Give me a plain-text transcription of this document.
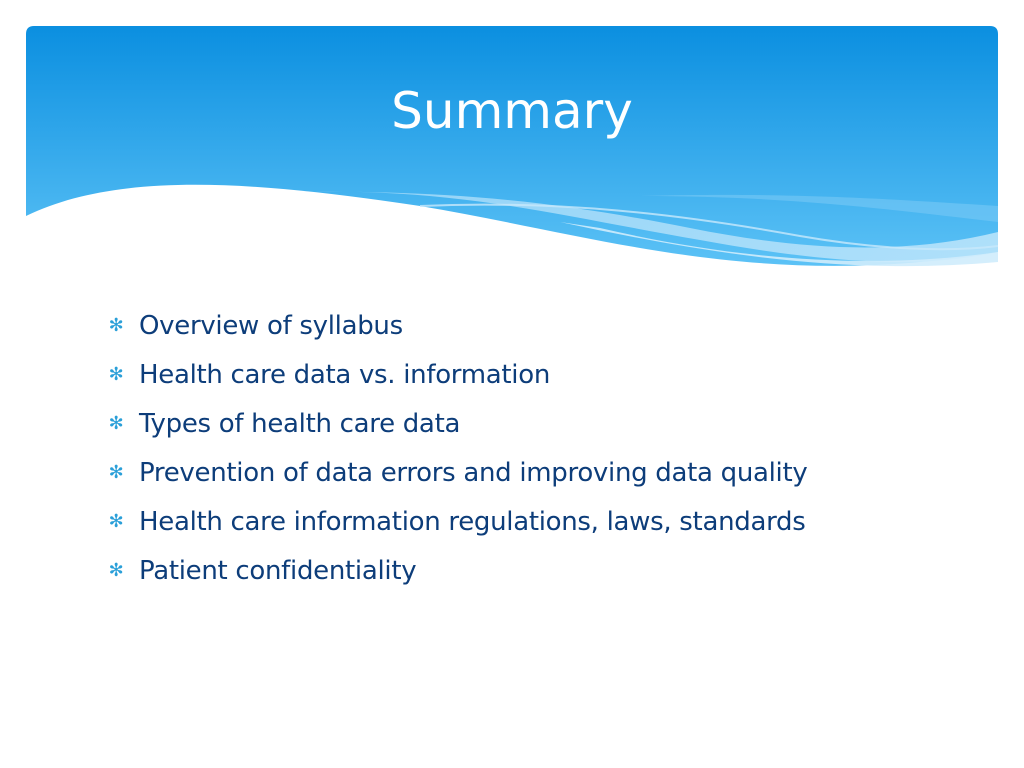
Summary
✻ Overview of syllabus
✻ Health care data vs. information
✻ Types of health care data
✻ Prevention of data errors and improving data quality
✻ Health care information regulations, laws, standards
✻ Patient confidentiality
